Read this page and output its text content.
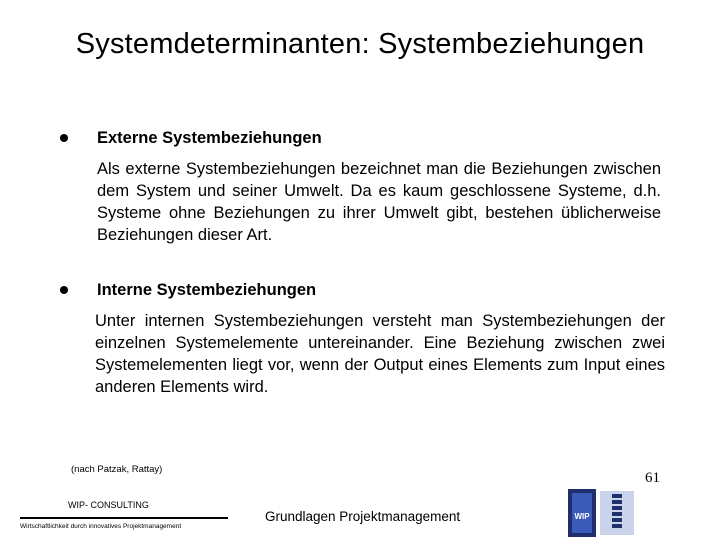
Systemdeterminanten: Systembeziehungen
Externe Systembeziehungen
Als externe Systembeziehungen bezeichnet man die Beziehungen zwischen dem System und seiner Umwelt. Da es kaum geschlossene Systeme, d.h. Systeme ohne Beziehungen zu ihrer Umwelt gibt, bestehen üblicherweise Beziehungen dieser Art.
Interne Systembeziehungen
Unter internen Systembeziehungen versteht man Systembeziehungen der einzelnen Systemelemente untereinander. Eine Beziehung zwischen zwei Systemelementen liegt vor, wenn der Output eines Elements zum Input eines anderen Elements wird.
(nach Patzak, Rattay)
WIP- CONSULTING
Wirtschaftlichkeit durch innovatives Projektmanagement
Grundlagen Projektmanagement
61
WIP
